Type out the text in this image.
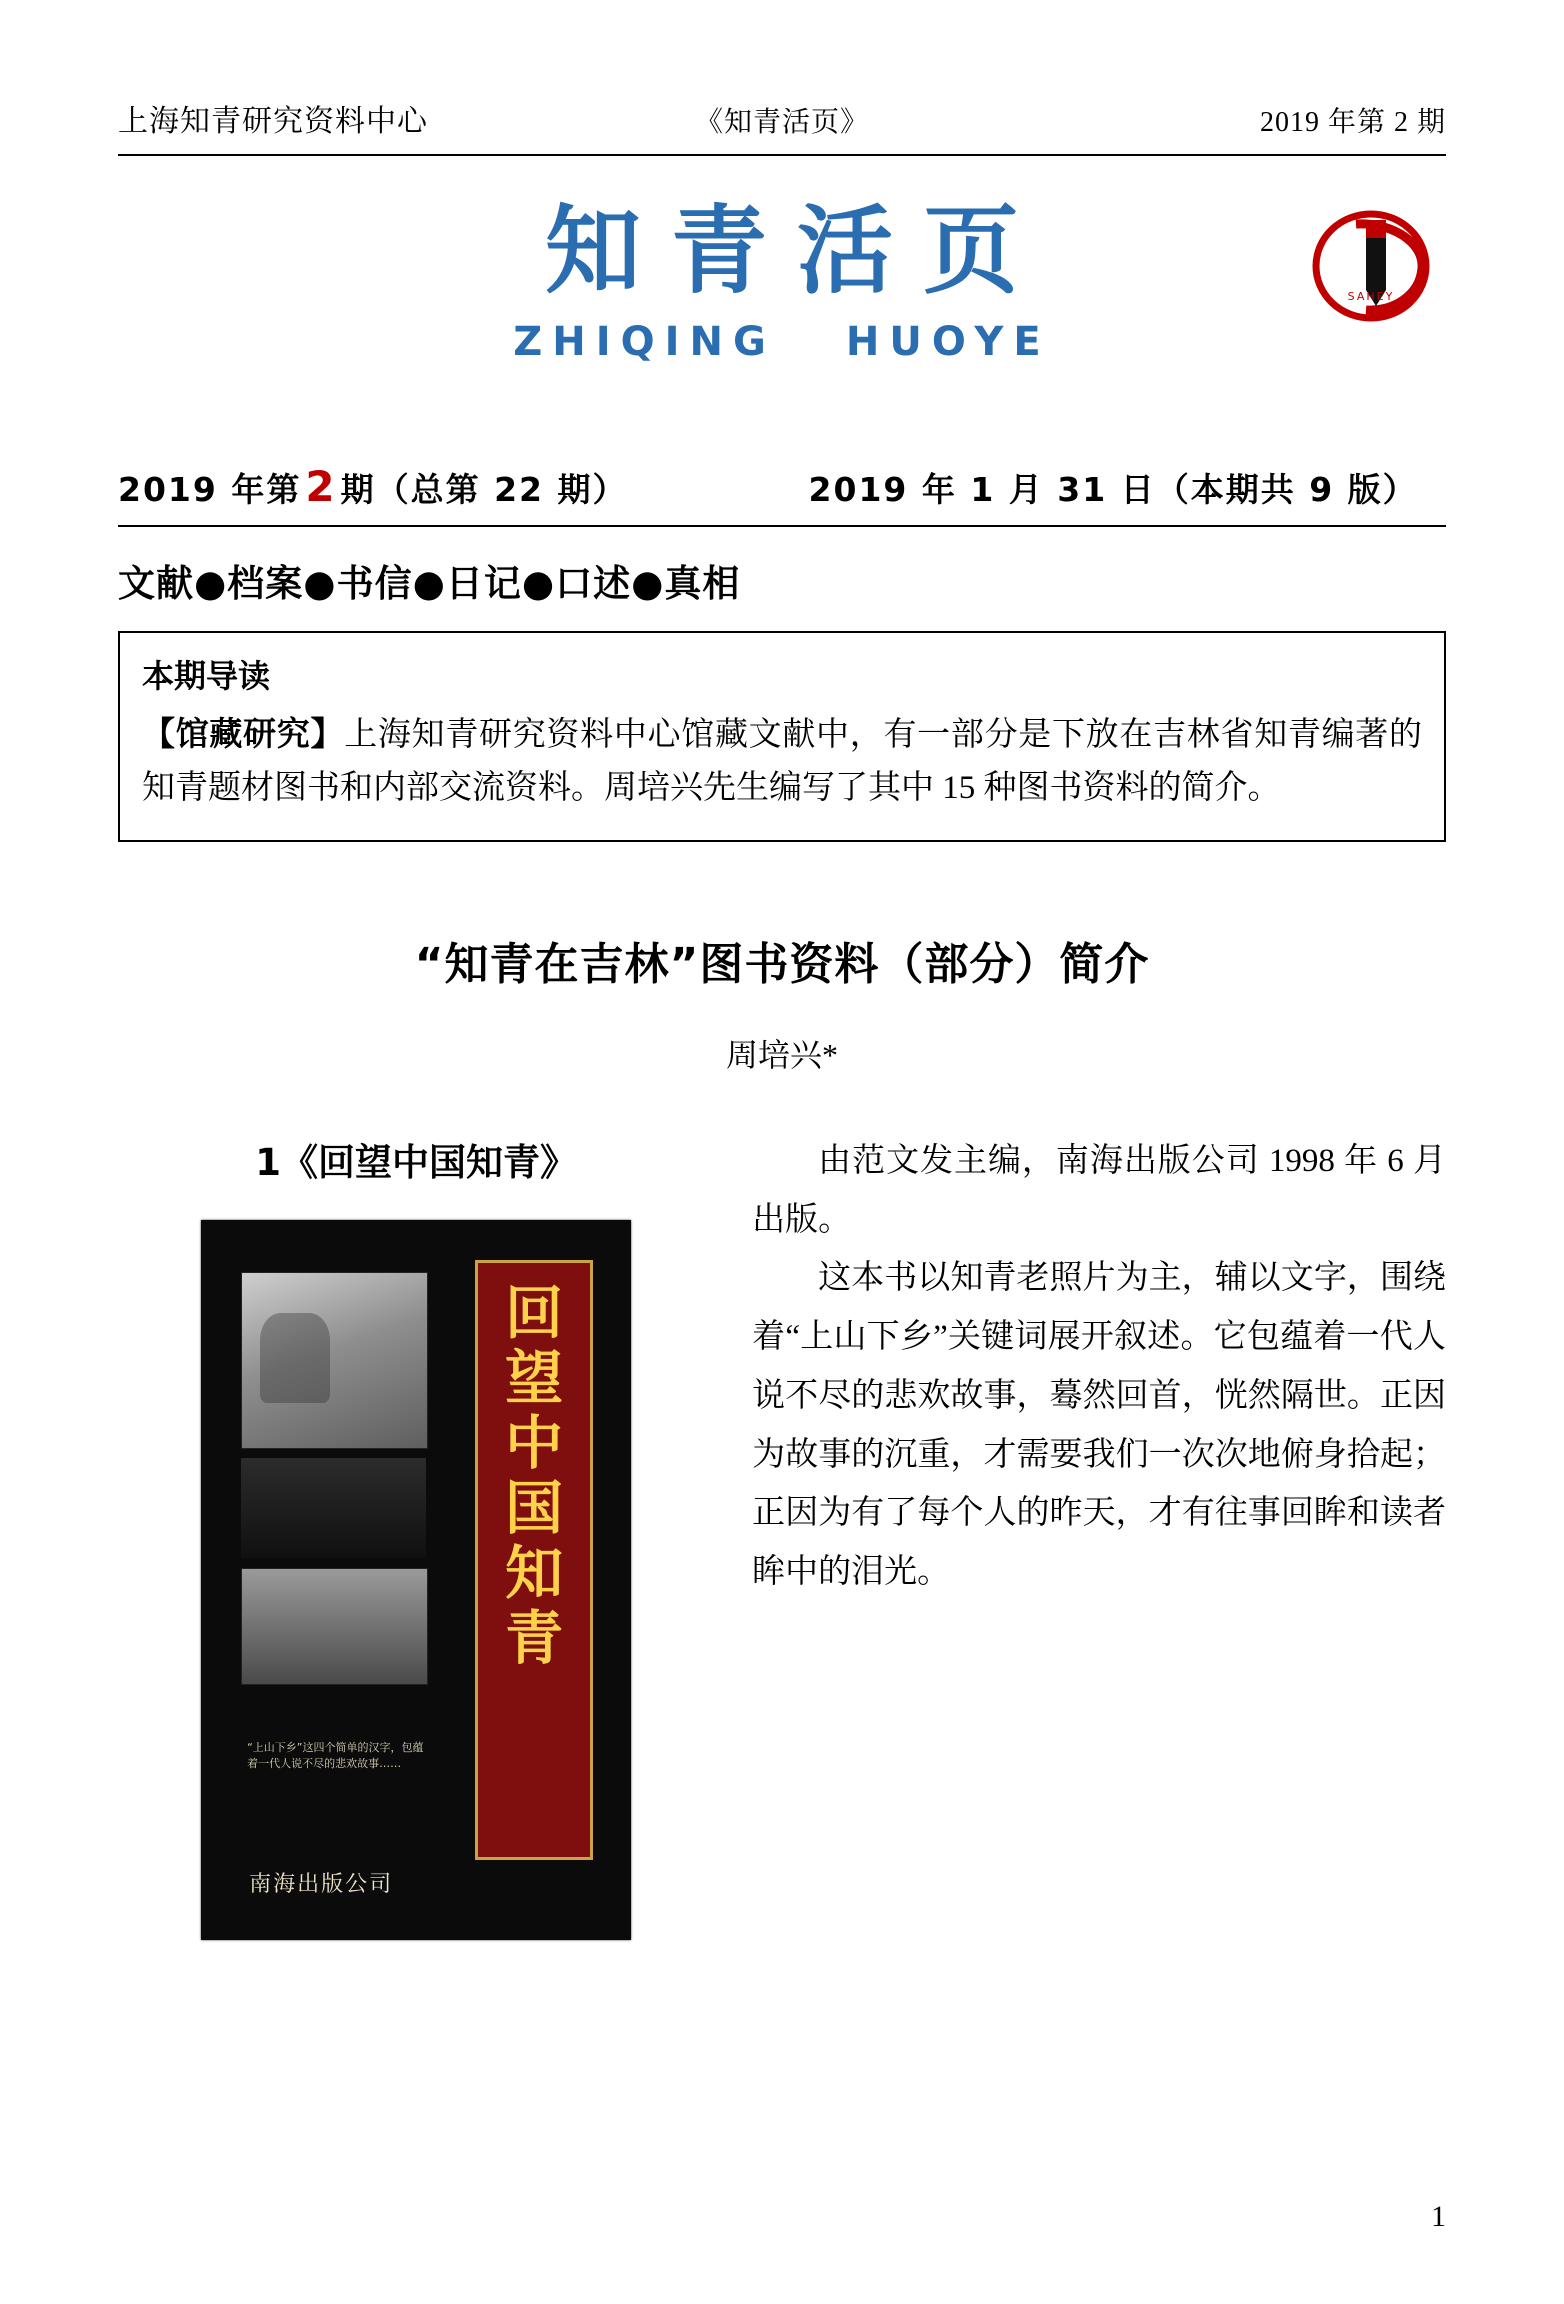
上海知青研究资料中心	《知青活页》	2019 年第 2 期
知青活页
ZHIQING HUOYE
SAHEY
2019 年第2 期（总第 22 期）	2019 年 1 月 31 日（本期共 9 版）
文献●档案●书信●日记●口述●真相
本期导读
【馆藏研究】上海知青研究资料中心馆藏文献中，有一部分是下放在吉林省知青编著的知青题材图书和内部交流资料。周培兴先生编写了其中 15 种图书资料的简介。
“知青在吉林”图书资料（部分）简介
周培兴*
1《回望中国知青》
“上山下乡”这四个简单的汉字，包蕴着一代人说不尽的悲欢故事……
回望中国知青
南海出版公司

由范文发主编，南海出版公司 1998 年 6 月出版。

这本书以知青老照片为主，辅以文字，围绕着“上山下乡”关键词展开叙述。它包蕴着一代人说不尽的悲欢故事，蓦然回首，恍然隔世。正因为故事的沉重，才需要我们一次次地俯身拾起；正因为有了每个人的昨天，才有往事回眸和读者眸中的泪光。

1
